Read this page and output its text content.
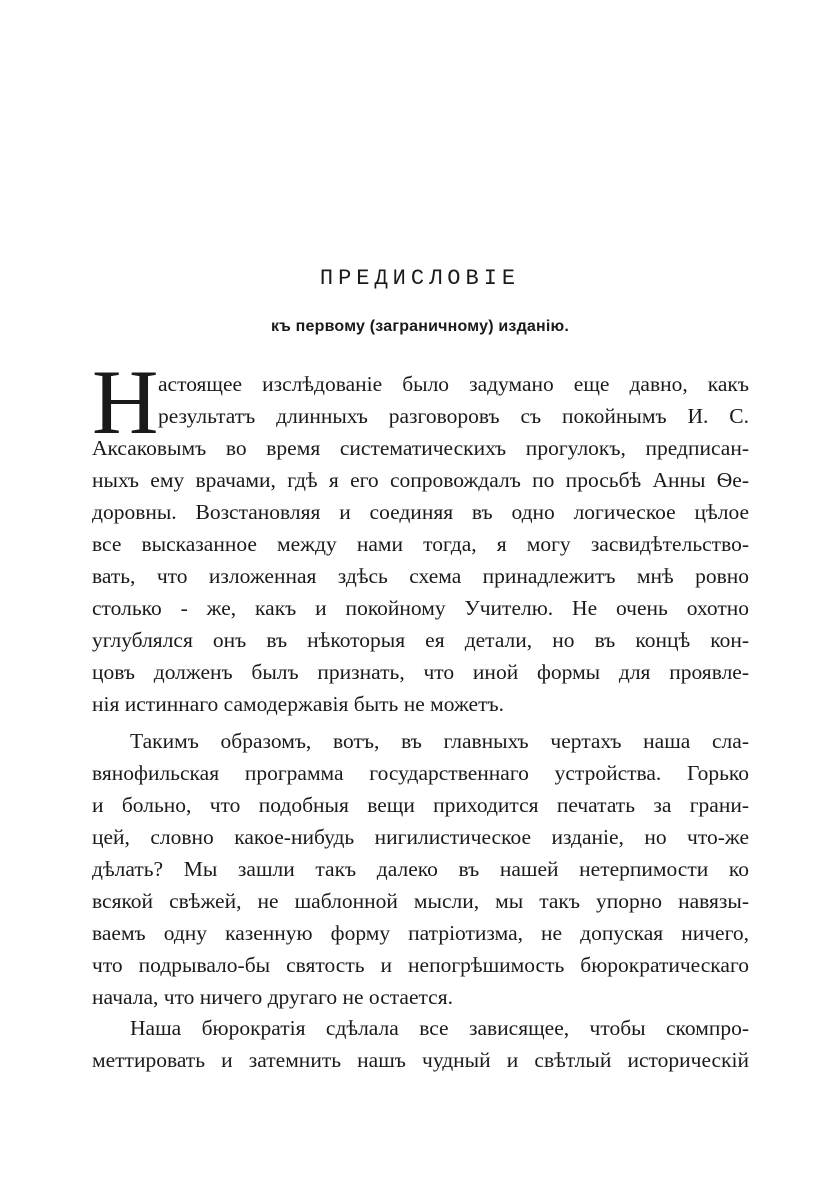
ПРЕДИСЛОВІЕ
къ первому (заграничному) изданію.
Н астоящее изслѣдованіе было задумано еще давно, какъ
результатъ длинныхъ разговоровъ съ покойнымъ И. С.
Аксаковымъ во время систематическихъ прогулокъ, предписан-
ныхъ ему врачами, гдѣ я его сопровождалъ по просьбѣ Анны Ѳе-
доровны. Возстановляя и соединяя въ одно логическое цѣлое
все высказанное между нами тогда, я могу засвидѣтельство-
вать, что изложенная здѣсь схема принадлежитъ мнѣ ровно
столько - же, какъ и покойному Учителю. Не очень охотно
углублялся онъ въ нѣкоторыя ея детали, но въ концѣ кон-
цовъ долженъ былъ признать, что иной формы для проявле-
нія истиннаго самодержавія быть не можетъ.
Такимъ образомъ, вотъ, въ главныхъ чертахъ наша сла-
вянофильская программа государственнаго устройства. Горько
и больно, что подобныя вещи приходится печатать за грани-
цей, словно какое-нибудь нигилистическое изданіе, но что-же
дѣлать? Мы зашли такъ далеко въ нашей нетерпимости ко
всякой свѣжей, не шаблонной мысли, мы такъ упорно навязы-
ваемъ одну казенную форму патріотизма, не допуская ничего,
что подрывало-бы святость и непогрѣшимость бюрократическаго
начала, что ничего другаго не остается.
Наша бюрократія сдѣлала все зависящее, чтобы скомпро-
меттировать и затемнить нашъ чудный и свѣтлый историческій
